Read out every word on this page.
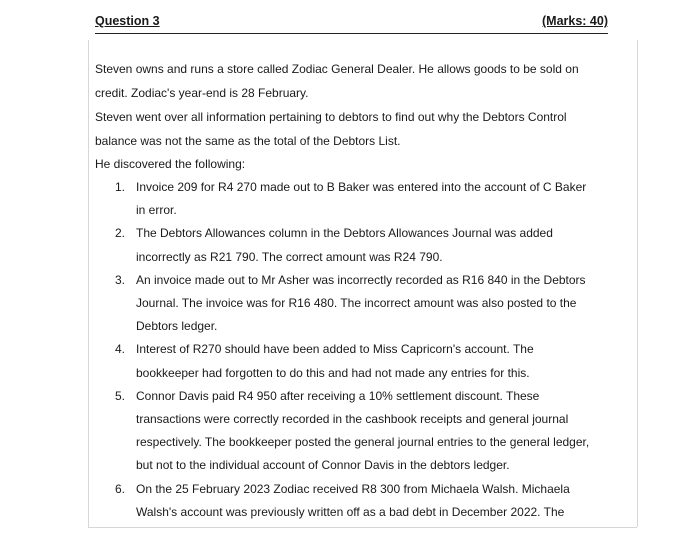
Question 3	(Marks: 40)

Steven owns and runs a store called Zodiac General Dealer. He allows goods to be sold on credit. Zodiac's year-end is 28 February.

Steven went over all information pertaining to debtors to find out why the Debtors Control balance was not the same as the total of the Debtors List.

He discovered the following:

1. Invoice 209 for R4 270 made out to B Baker was entered into the account of C Baker in error.
2. The Debtors Allowances column in the Debtors Allowances Journal was added incorrectly as R21 790. The correct amount was R24 790.
3. An invoice made out to Mr Asher was incorrectly recorded as R16 840 in the Debtors Journal. The invoice was for R16 480. The incorrect amount was also posted to the Debtors ledger.
4. Interest of R270 should have been added to Miss Capricorn's account. The bookkeeper had forgotten to do this and had not made any entries for this.
5. Connor Davis paid R4 950 after receiving a 10% settlement discount. These transactions were correctly recorded in the cashbook receipts and general journal respectively. The bookkeeper posted the general journal entries to the general ledger, but not to the individual account of Connor Davis in the debtors ledger.
6. On the 25 February 2023 Zodiac received R8 300 from Michaela Walsh. Michaela Walsh's account was previously written off as a bad debt in December 2022. The
